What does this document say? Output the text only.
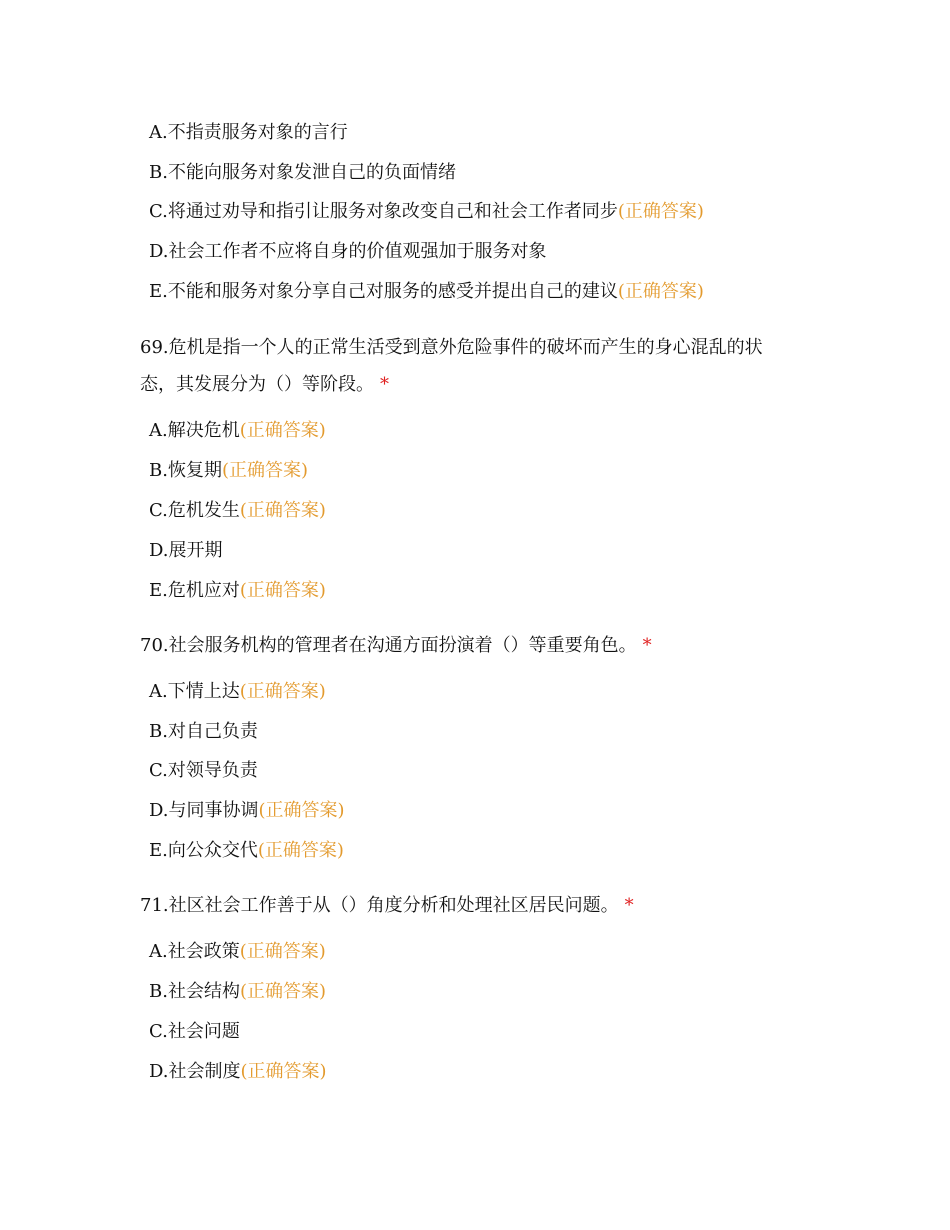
A.不指责服务对象的言行
B.不能向服务对象发泄自己的负面情绪
C.将通过劝导和指引让服务对象改变自己和社会工作者同步(正确答案)
D.社会工作者不应将自身的价值观强加于服务对象
E.不能和服务对象分享自己对服务的感受并提出自己的建议(正确答案)
69.危机是指一个人的正常生活受到意外危险事件的破坏而产生的身心混乱的状态，其发展分为（）等阶段。 *
A.解决危机(正确答案)
B.恢复期(正确答案)
C.危机发生(正确答案)
D.展开期
E.危机应对(正确答案)
70.社会服务机构的管理者在沟通方面扮演着（）等重要角色。 *
A.下情上达(正确答案)
B.对自己负责
C.对领导负责
D.与同事协调(正确答案)
E.向公众交代(正确答案)
71.社区社会工作善于从（）角度分析和处理社区居民问题。 *
A.社会政策(正确答案)
B.社会结构(正确答案)
C.社会问题
D.社会制度(正确答案)
